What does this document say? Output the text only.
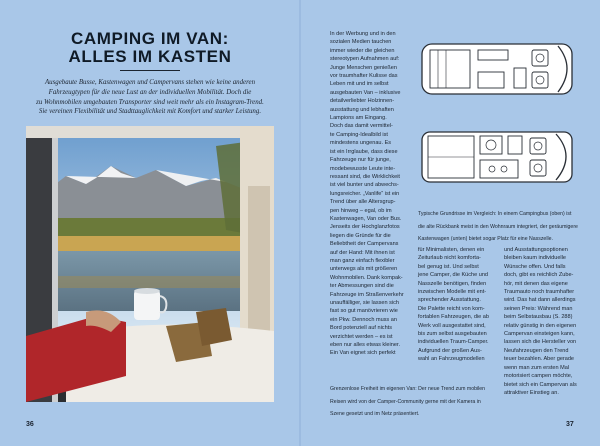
CAMPING IM VAN:
ALLES IM KASTEN
Ausgebaute Busse, Kastenwagen und Campervans stehen wie keine anderen
Fahrzeugtypen für die neue Lust an der individuellen Mobilität. Doch die
zu Wohnmobilen umgebauten Transporter sind weit mehr als ein Instagram-Trend.
Sie vereinen Flexibilität und Stadttauglichkeit mit Komfort und starker Leistung.
36

In der Werbung und in den

sozialen Medien tauchen

immer wieder die gleichen

stereotypen Aufnahmen auf:

Junge Menschen genießen

vor traumhafter Kulisse das

Leben mit und im selbst

ausgebauten Van – inklusive

detailverliebter Holzinnen-

ausstattung und lebhaften

Lampions am Eingang.

Doch das damit vermittel-

te Camping-Idealbild ist

mindestens ungenau. Es

ist ein Irrglaube, dass diese

Fahrzeuge nur für junge,

modebewusste Leute inte-

ressant sind, die Wirklichkeit

ist viel bunter und abwechs-

lungsreicher. „Vanlife“ ist ein

Trend über alle Altersgrup-

pen hinweg – egal, ob im

Kastenwagen, Van oder Bus.

Jenseits der Hochglanzfotos

liegen die Gründe für die

Beliebtheit der Campervans

auf der Hand: Mit ihnen ist

man ganz einfach flexibler

unterwegs als mit größeren

Wohnmobilen. Dank kompak-

ter Abmessungen sind die

Fahrzeuge im Straßenverkehr

unauffälliger, sie lassen sich

fast so gut manövrieren wie

ein Pkw. Dennoch muss an

Bord potenziell auf nichts

verzichtet werden – es ist

eben nur alles etwas kleiner.

Ein Van eignet sich perfekt

Typische Grundrisse im Vergleich: In einem Campingbus (oben) ist

die alte Rückbank meist in den Wohnraum integriert, der geräumigere

Kastenwagen (unten) bietet sogar Platz für eine Nasszelle.

für Minimalisten, denen ein

Zeiturlaub nicht komforta-

bel genug ist. Und selbst

jene Camper, die Küche und

Nasszelle benötigen, finden

inzwischen Modelle mit ent-

sprechender Ausstattung.

Die Palette reicht von kom-

fortablen Fahrzeugen, die ab

Werk voll ausgestattet sind,

bis zum selbst ausgebauten

individuellen Traum-Camper.

Aufgrund der großen Aus-

wahl an Fahrzeugmodellen

und Ausstattungsoptionen

bleiben kaum individuelle

Wünsche offen. Und falls

doch, gibt es reichlich Zube-

hör, mit denen das eigene

Traumauto noch traumhafter

wird. Das hat dann allerdings

seinen Preis: Während man

beim Selbstausbau (S. 288)

relativ günstig in den eigenen

Campervan einsteigen kann,

lassen sich die Hersteller von

Neufahrzeugen den Trend

teuer bezahlen. Aber gerade

wenn man zum ersten Mal

motorisiert campen möchte,

bietet sich ein Campervan als

attraktiver Einstieg an.

Grenzenlose Freiheit im eigenen Van: Der neue Trend zum mobilen

Reisen wird von der Camper-Community gerne mit der Kamera in

Szene gesetzt und im Netz präsentiert.

37
